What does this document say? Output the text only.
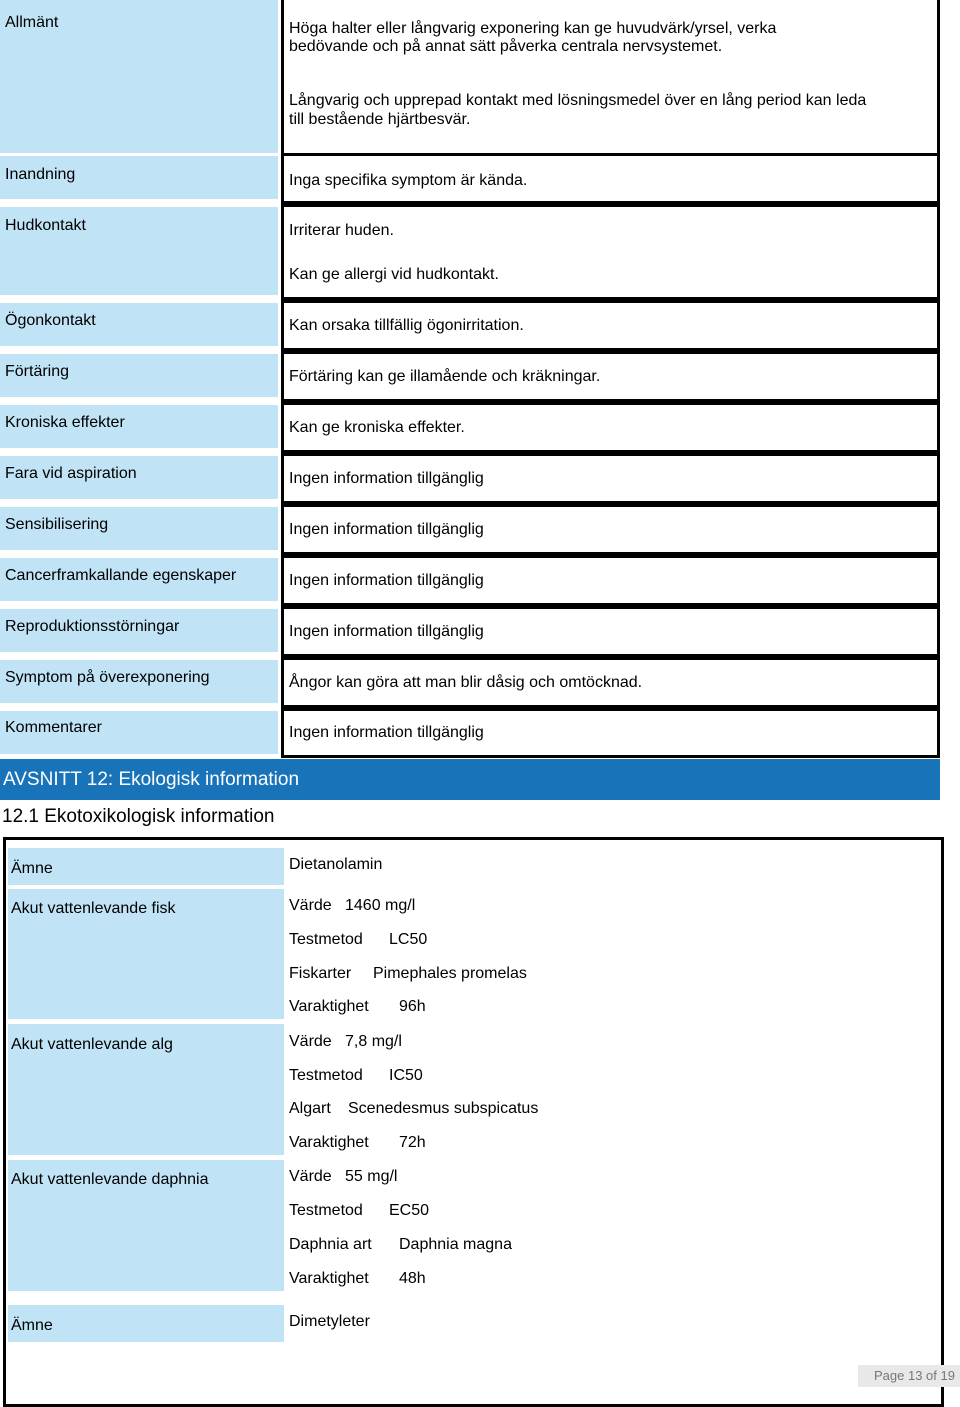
Allmänt	Höga halter eller långvarig exponering kan ge huvudvärk/yrsel, verka
bedövande och på annat sätt påverka centrala nervsystemet.
Långvarig och upprepad kontakt med lösningsmedel över en lång period kan leda
till bestående hjärtbesvär.
Inandning	Inga specifika symptom är kända.
Hudkontakt	Irriterar huden.
Kan ge allergi vid hudkontakt.
Ögonkontakt	Kan orsaka tillfällig ögonirritation.
Förtäring	Förtäring kan ge illamående och kräkningar.
Kroniska effekter	Kan ge kroniska effekter.
Fara vid aspiration	Ingen information tillgänglig
Sensibilisering	Ingen information tillgänglig
Cancerframkallande egenskaper	Ingen information tillgänglig
Reproduktionsstörningar	Ingen information tillgänglig
Symptom på överexponering	Ångor kan göra att man blir dåsig och omtöcknad.
Kommentarer	Ingen information tillgänglig
AVSNITT 12: Ekologisk information
12.1 Ekotoxikologisk information
Ämne	Dietanolamin
Akut vattenlevande fisk	Värde 1460 mg/l
Testmetod LC50
Fiskarter Pimephales promelas
Varaktighet 96h
Akut vattenlevande alg	Värde 7,8 mg/l
Testmetod IC50
Algart Scenedesmus subspicatus
Varaktighet 72h
Akut vattenlevande daphnia	Värde 55 mg/l
Testmetod EC50
Daphnia art Daphnia magna
Varaktighet 48h
Ämne	Dimetyleter
Page 13 of 19
